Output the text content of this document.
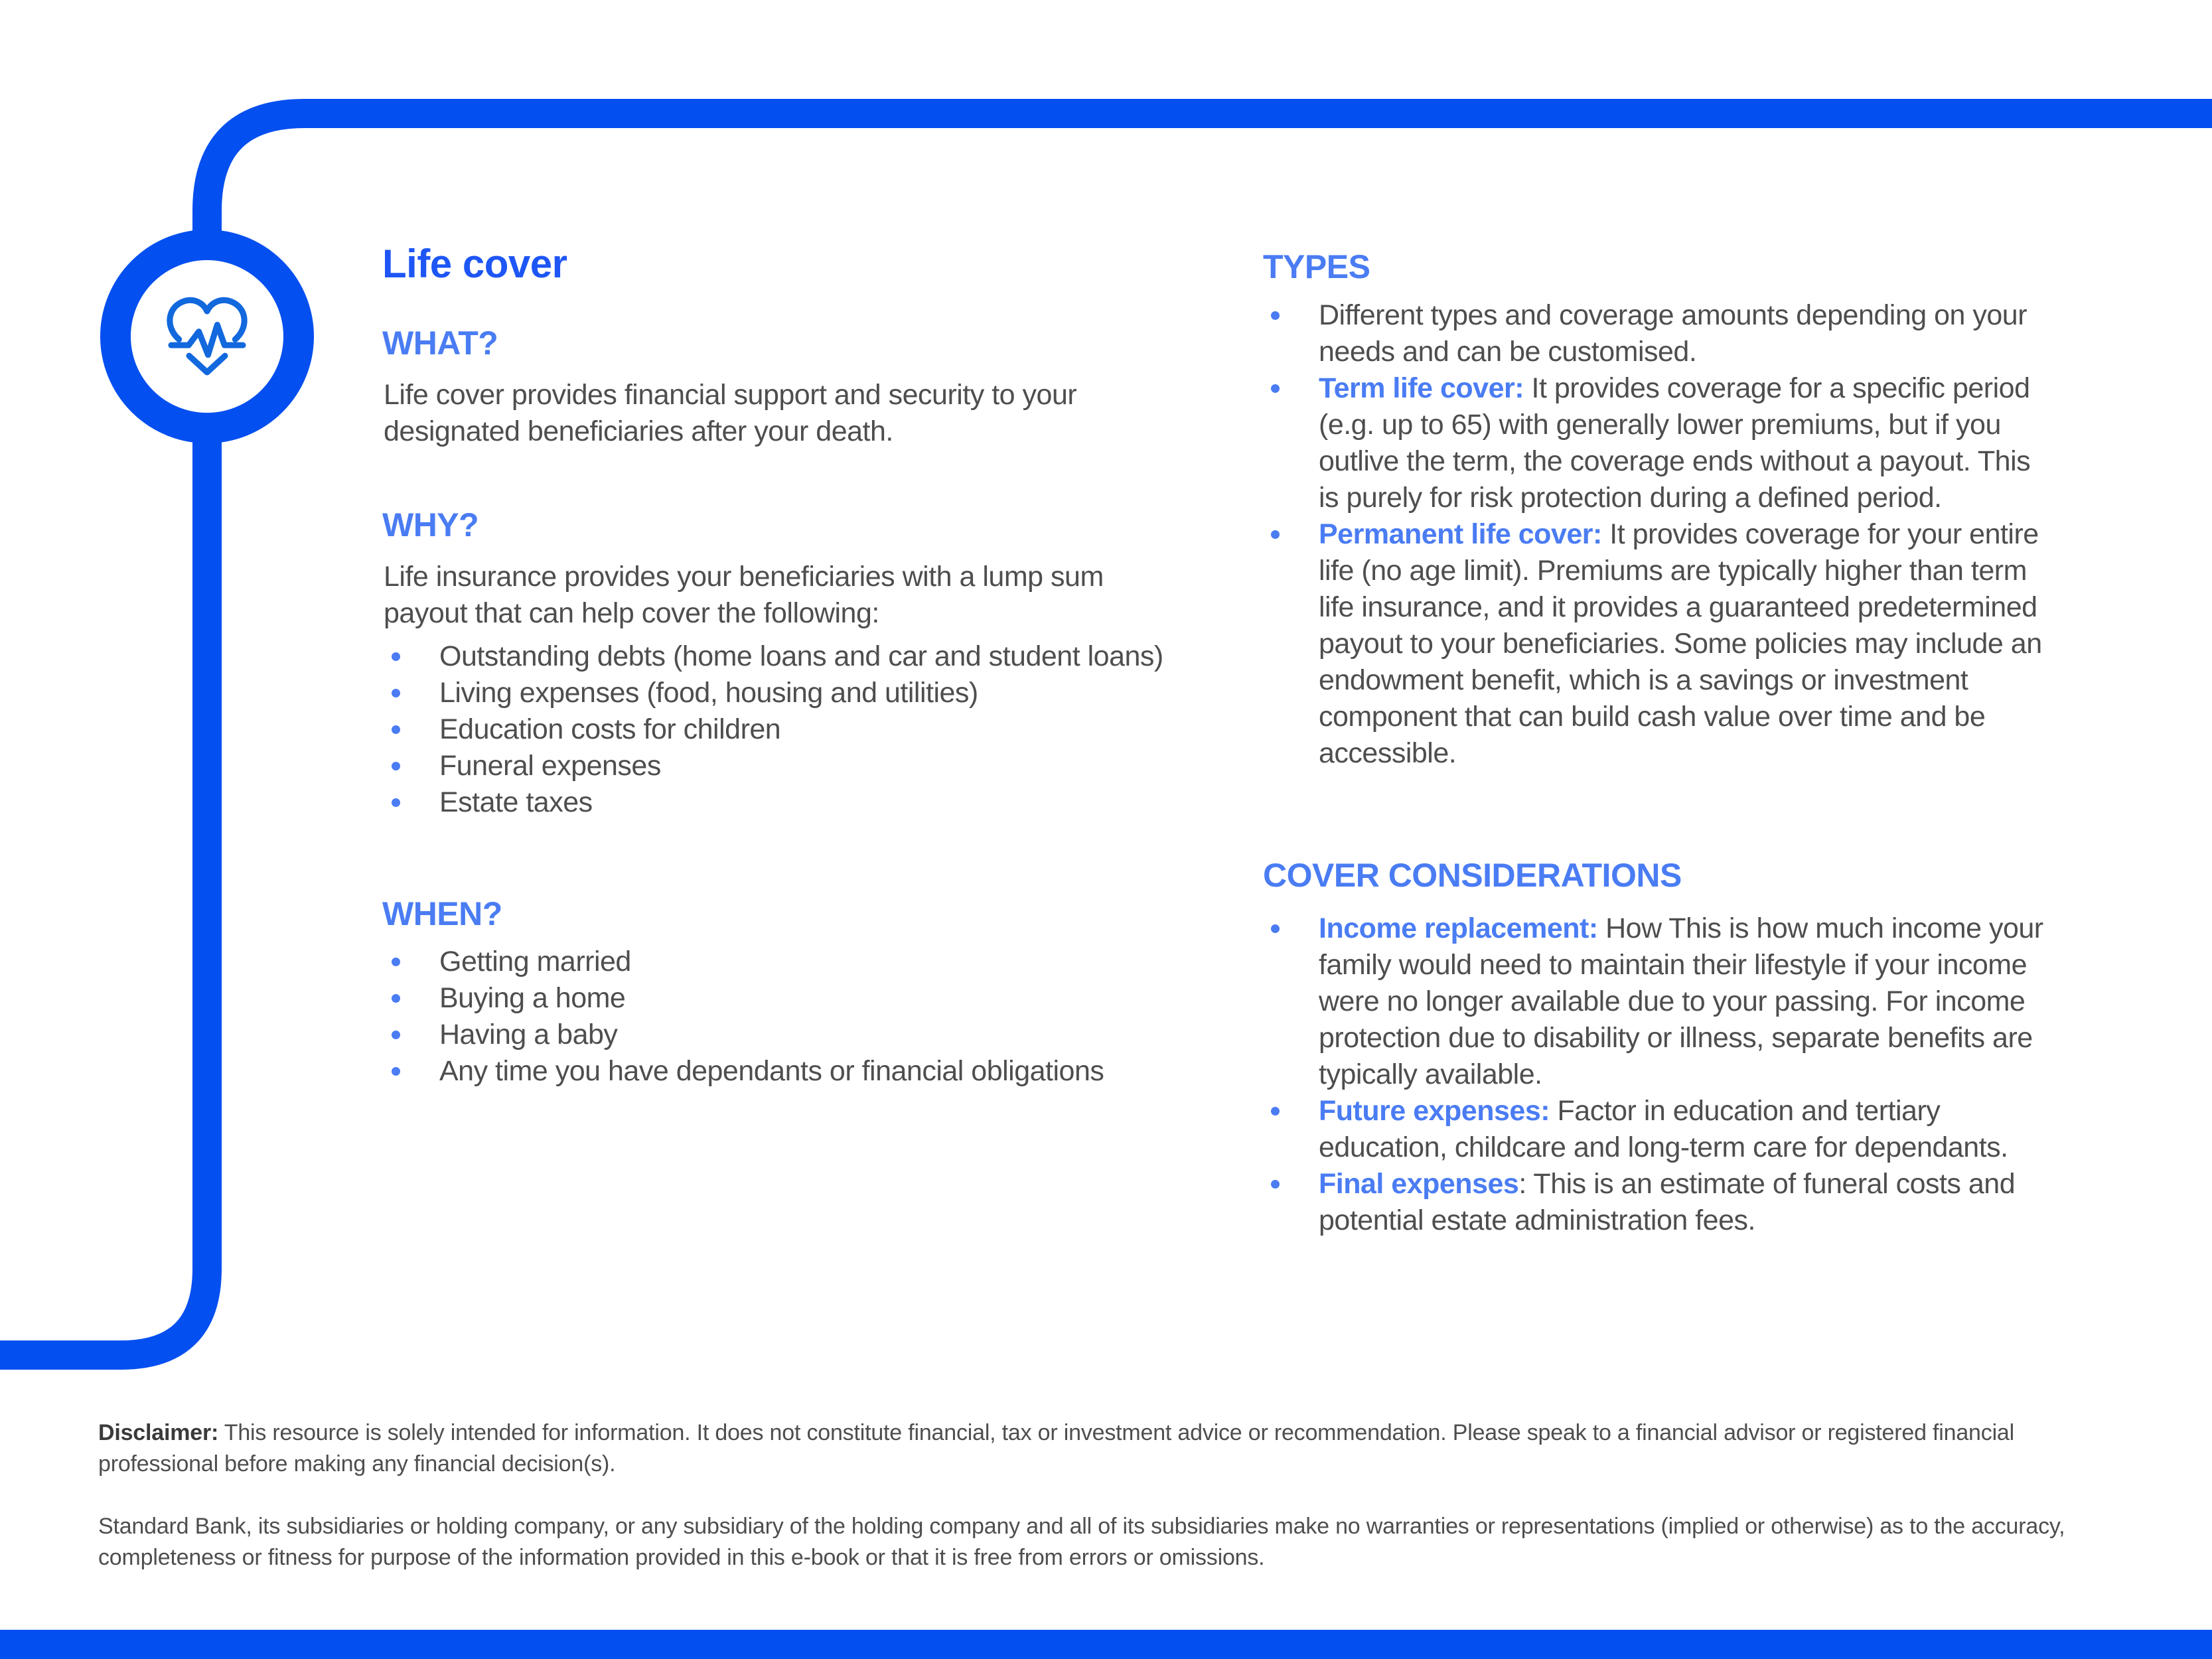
Life cover
WHAT?
Life cover provides financial support and security to your designated beneficiaries after your death.
WHY?
Life insurance provides your beneficiaries with a lump sum payout that can help cover the following:
Outstanding debts (home loans and car and student loans)
Living expenses (food, housing and utilities)
Education costs for children
Funeral expenses
Estate taxes
WHEN?
Getting married
Buying a home
Having a baby
Any time you have dependants or financial obligations
TYPES
Different types and coverage amounts depending on your needs and can be customised.
Term life cover: It provides coverage for a specific period (e.g. up to 65) with generally lower premiums, but if you outlive the term, the coverage ends without a payout. This is purely for risk protection during a defined period.
Permanent life cover: It provides coverage for your entire life (no age limit). Premiums are typically higher than term life insurance, and it provides a guaranteed predetermined payout to your beneficiaries. Some policies may include an endowment benefit, which is a savings or investment component that can build cash value over time and be accessible.
COVER CONSIDERATIONS
Income replacement: How This is how much income your family would need to maintain their lifestyle if your income were no longer available due to your passing. For income protection due to disability or illness, separate benefits are typically available.
Future expenses: Factor in education and tertiary education, childcare and long-term care for dependants.
Final expenses: This is an estimate of funeral costs and potential estate administration fees.
Disclaimer: This resource is solely intended for information. It does not constitute financial, tax or investment advice or recommendation. Please speak to a financial advisor or registered financial professional before making any financial decision(s).
Standard Bank, its subsidiaries or holding company, or any subsidiary of the holding company and all of its subsidiaries make no warranties or representations (implied or otherwise) as to the accuracy, completeness or fitness for purpose of the information provided in this e-book or that it is free from errors or omissions.
